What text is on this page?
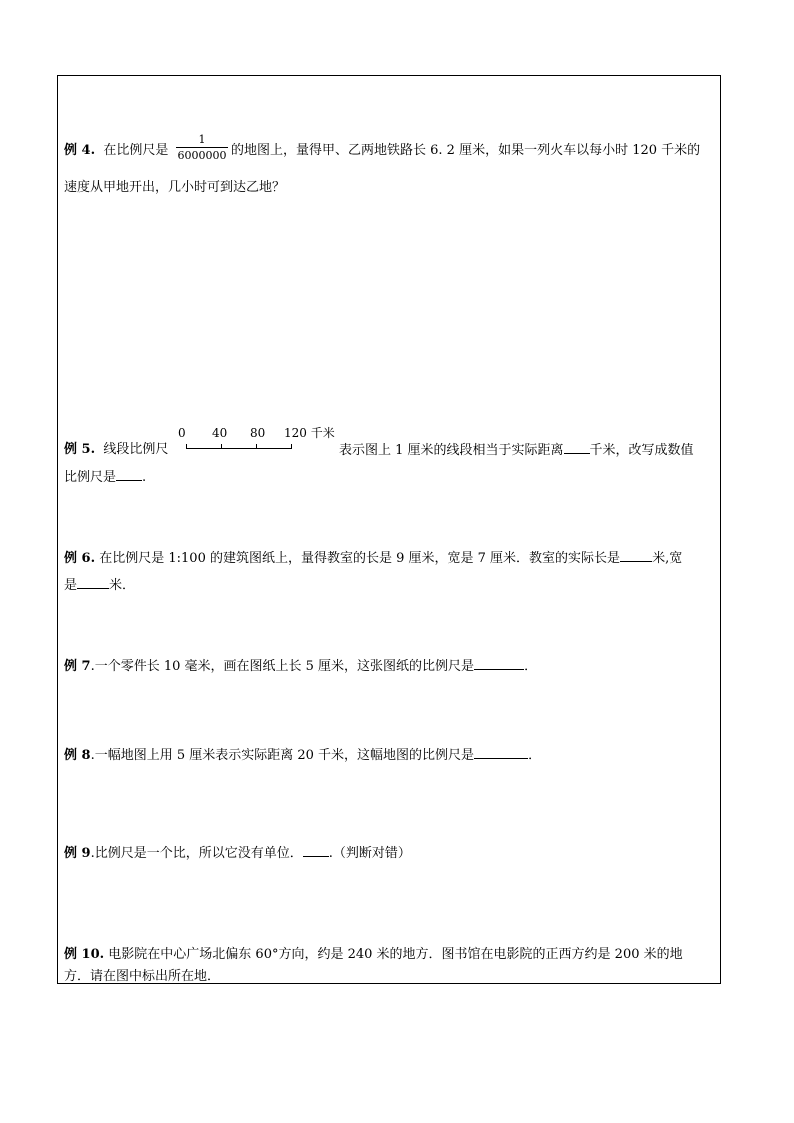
1
6000000
例 4. 在比例尺是	的地图上，量得甲、乙两地铁路长 6. 2 厘米，如果一列火车以每小时 120 千米的
速度从甲地开出，几小时可到达乙地？
例 5. 线段比例尺
0 40 80 120 千米
表示图上 1 厘米的线段相当于实际距离 千米，改写成数值
比例尺是 .
例 6. 在比例尺是 1:100 的建筑图纸上，量得教室的长是 9 厘米，宽是 7 厘米．教室的实际长是 米,宽
是 米．
例 7.一个零件长 10 毫米，画在图纸上长 5 厘米，这张图纸的比例尺是	．
例 8.一幅地图上用 5 厘米表示实际距离 20 千米，这幅地图的比例尺是	．
例 9.比例尺是一个比，所以它没有单位． .（判断对错）
例 10. 电影院在中心广场北偏东 60°方向，约是 240 米的地方．图书馆在电影院的正西方约是 200 米的地
方．请在图中标出所在地．
